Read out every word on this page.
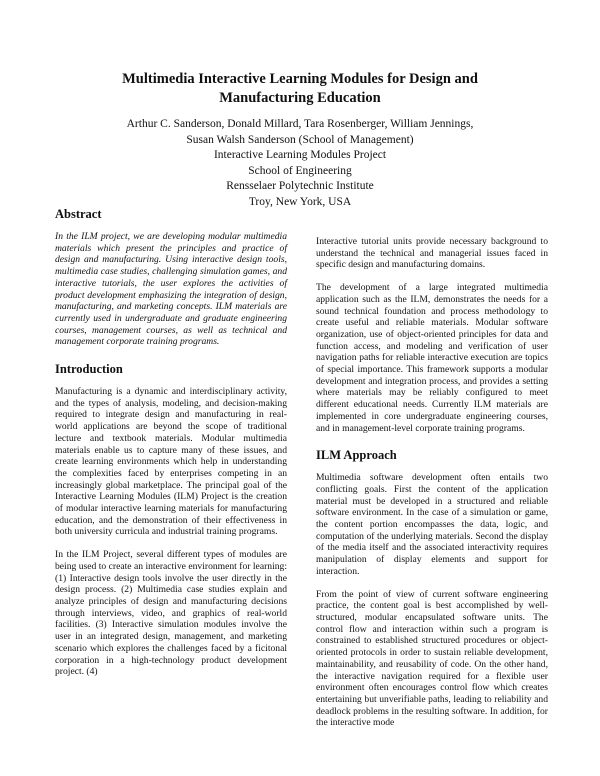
Multimedia Interactive Learning Modules for Design and
Manufacturing Education
Arthur C. Sanderson, Donald Millard, Tara Rosenberger, William Jennings,
Susan Walsh Sanderson (School of Management)
Interactive Learning Modules Project
School of Engineering
Rensselaer Polytechnic Institute
Troy, New York, USA
Abstract

In the ILM project, we are developing modular multimedia materials which present the principles and practice of design and manufacturing. Using interactive design tools, multimedia case studies, challenging simulation games, and interactive tutorials, the user explores the activities of product development emphasizing the integration of design, manufacturing, and marketing concepts. ILM materials are currently used in undergraduate and graduate engineering courses, management courses, as well as technical and management corporate training programs.

Introduction

Manufacturing is a dynamic and interdisciplinary activity, and the types of analysis, modeling, and decision-making required to integrate design and manufacturing in real-world applications are beyond the scope of traditional lecture and textbook materials. Modular multimedia materials enable us to capture many of these issues, and create learning environments which help in understanding the complexitiеs faced by enterprises competing in an increasingly global marketplace. The principal goal of the Interactive Learning Modules (ILM) Project is the creation of modular interactive learning materials for manufacturing education, and the demonstration of their effectiveness in both university curricula and industrial training programs.

In the ILM Project, several different types of modules are being used to create an interactive environment for learning: (1) Interactive design tools involve the user directly in the design process. (2) Multimedia case studies explain and analyze principles of design and manufacturing decisions through interviews, video, and graphics of real-world facilities. (3) Interactive simulation modules involve the user in an integrated design, management, and marketing scenario which explores the challenges faced by a ficitonal corporation in a high-technology product development project. (4)

Interactive tutorial units provide necessary background to understand the technical and managerial issues faced in specific design and manufacturing domains.

The development of a large integrated multimedia application such as the ILM, demonstrates the needs for a sound technical foundation and process methodology to create useful and reliable materials. Modular software organization, use of object-oriented principles for data and function access, and modeling and verification of user navigation paths for reliable interactive execution are topics of special importance. This framework supports a modular development and integration process, and provides a setting where materials may be reliably configured to meet different educational needs. Currently ILM materials are implemented in core undergraduate engineering courses, and in management-level corporate training programs.

ILM Approach

Multimedia software development often entails two conflicting goals. First the content of the application material must be developed in a structured and reliable software environment. In the case of a simulation or game, the content portion encompasses the data, logic, and computation of the underlying materials. Second the display of the media itself and the associated interactivity requires manipulation of display elements and support for interaction.

From the point of view of current software engineering practice, the content goal is best accomplished by well-structured, modular encapsulated software units. The control flow and interaction within such a program is constrained to established structured procedures or object-oriented protocols in order to sustain reliable development, maintainability, and reusability of code. On the other hand, the interactive navigation required for a flexible user environment often encourages control flow which creates entertaining but unverifiable paths, leading to reliability and deadlock problems in the resulting software. In addition, for the interactive mode
